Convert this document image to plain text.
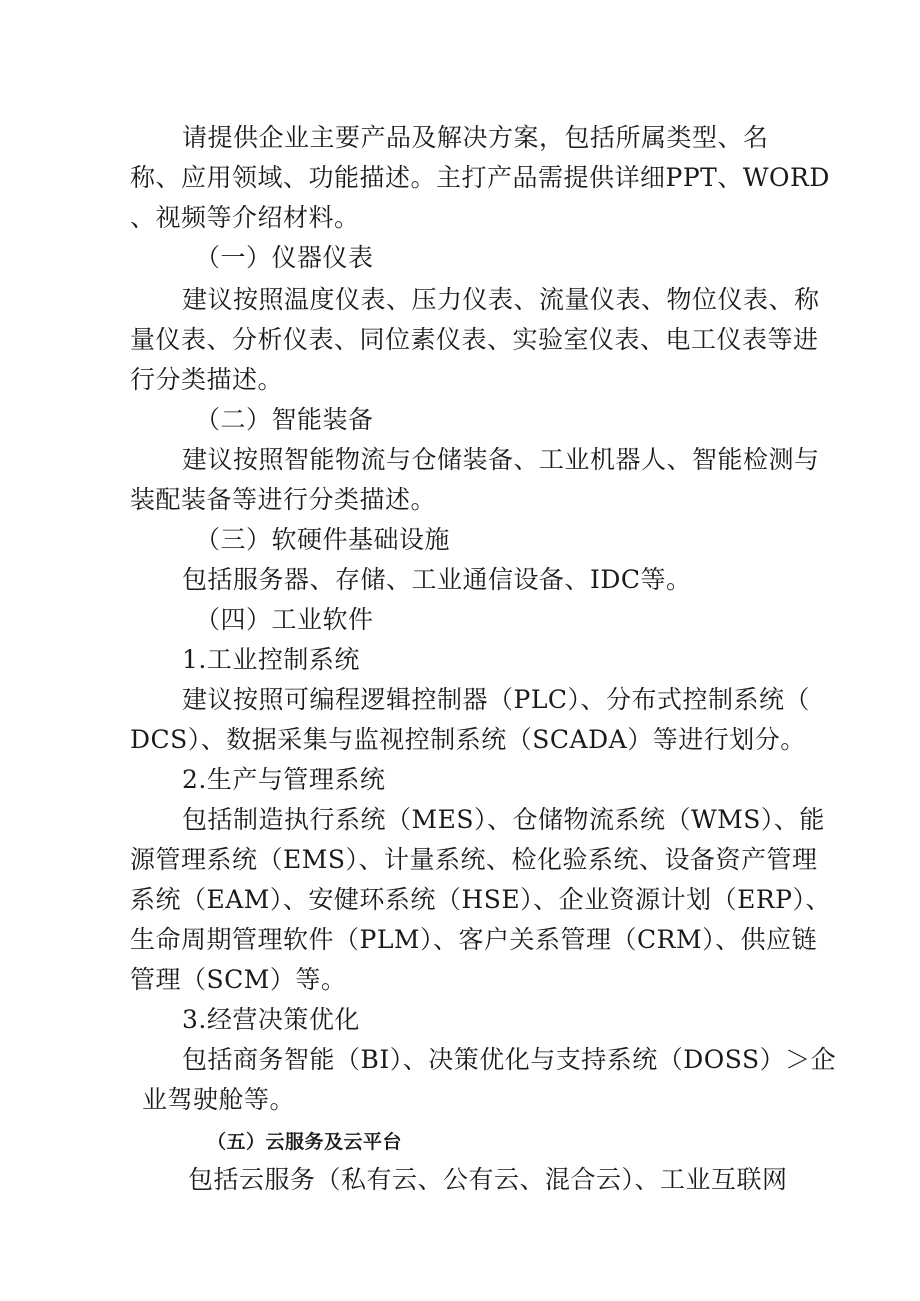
请提供企业主要产品及解决方案，包括所属类型、名
称、应用领域、功能描述。主打产品需提供详细PPT、WORD
、视频等介绍材料。
（一）仪器仪表
建议按照温度仪表、压力仪表、流量仪表、物位仪表、称
量仪表、分析仪表、同位素仪表、实验室仪表、电工仪表等进
行分类描述。
（二）智能装备
建议按照智能物流与仓储装备、工业机器人、智能检测与
装配装备等进行分类描述。
（三）软硬件基础设施
包括服务器、存储、工业通信设备、IDC等。
（四）工业软件
1.工业控制系统
建议按照可编程逻辑控制器（PLC）、分布式控制系统（
DCS）、数据采集与监视控制系统（SCADA）等进行划分。
2.生产与管理系统
包括制造执行系统（MES）、仓储物流系统（WMS）、能
源管理系统（EMS）、计量系统、检化验系统、设备资产管理
系统（EAM）、安健环系统（HSE）、企业资源计划（ERP）、
生命周期管理软件（PLM）、客户关系管理（CRM）、供应链
管理（SCM）等。
3.经营决策优化
包括商务智能（BI）、决策优化与支持系统（DOSS）＞企
业驾驶舱等。
（五）云服务及云平台
包括云服务（私有云、公有云、混合云）、工业互联网
